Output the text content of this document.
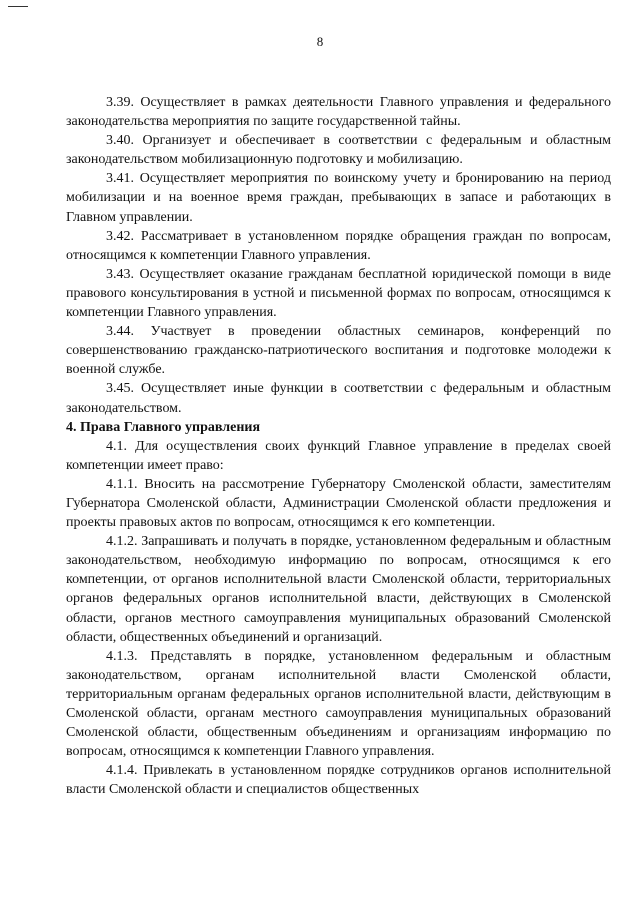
8

3.39. Осуществляет в рамках деятельности Главного управления и федерального законодательства мероприятия по защите государственной тайны.

3.40. Организует и обеспечивает в соответствии с федеральным и областным законодательством мобилизационную подготовку и мобилизацию.

3.41. Осуществляет мероприятия по воинскому учету и бронированию на период мобилизации и на военное время граждан, пребывающих в запасе и работающих в Главном управлении.

3.42. Рассматривает в установленном порядке обращения граждан по вопросам, относящимся к компетенции Главного управления.

3.43. Осуществляет оказание гражданам бесплатной юридической помощи в виде правового консультирования в устной и письменной формах по вопросам, относящимся к компетенции Главного управления.

3.44. Участвует в проведении областных семинаров, конференций по совершенствованию гражданско-патриотического воспитания и подготовке молодежи к военной службе.

3.45. Осуществляет иные функции в соответствии с федеральным и областным законодательством.

4. Права Главного управления

4.1. Для осуществления своих функций Главное управление в пределах своей компетенции имеет право:

4.1.1. Вносить на рассмотрение Губернатору Смоленской области, заместителям Губернатора Смоленской области, Администрации Смоленской области предложения и проекты правовых актов по вопросам, относящимся к его компетенции.

4.1.2. Запрашивать и получать в порядке, установленном федеральным и областным законодательством, необходимую информацию по вопросам, относящимся к его компетенции, от органов исполнительной власти Смоленской области, территориальных органов федеральных органов исполнительной власти, действующих в Смоленской области, органов местного самоуправления муниципальных образований Смоленской области, общественных объединений и организаций.

4.1.3. Представлять в порядке, установленном федеральным и областным законодательством, органам исполнительной власти Смоленской области, территориальным органам федеральных органов исполнительной власти, действующим в Смоленской области, органам местного самоуправления муниципальных образований Смоленской области, общественным объединениям и организациям информацию по вопросам, относящимся к компетенции Главного управления.

4.1.4. Привлекать в установленном порядке сотрудников органов исполнительной власти Смоленской области и специалистов общественных
